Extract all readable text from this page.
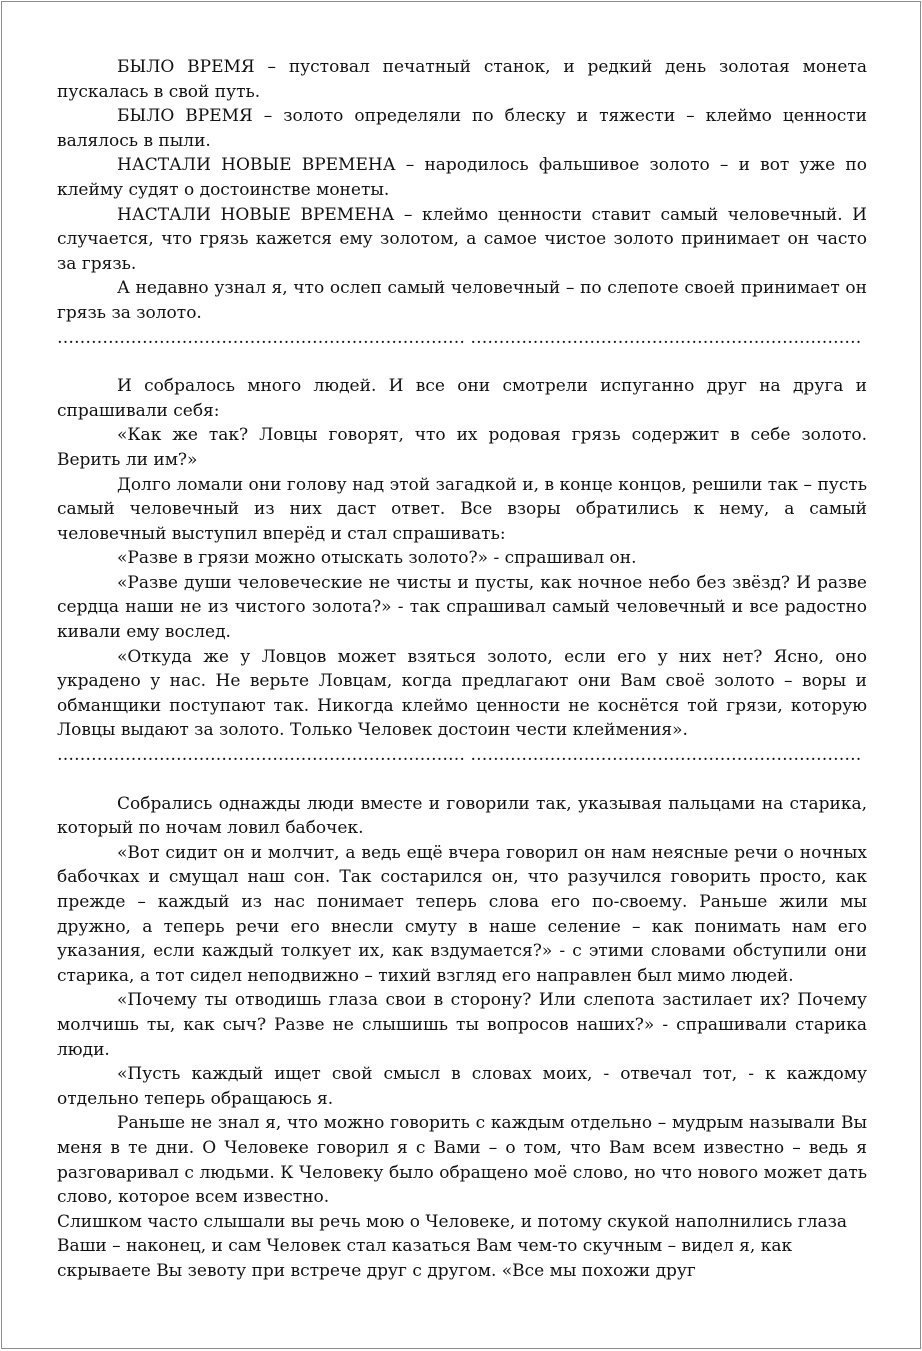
БЫЛО ВРЕМЯ – пустовал печатный станок, и редкий день золотая монета пускалась в свой путь.

БЫЛО ВРЕМЯ – золото определяли по блеску и тяжести – клеймо ценности валялось в пыли.

НАСТАЛИ НОВЫЕ ВРЕМЕНА – народилось фальшивое золото – и вот уже по клейму судят о достоинстве монеты.

НАСТАЛИ НОВЫЕ ВРЕМЕНА – клеймо ценности ставит самый человечный. И случается, что грязь кажется ему золотом, а самое чистое золото принимает он часто за грязь.

А недавно узнал я, что ослеп самый человечный – по слепоте своей принимает он грязь за золото.

……………………………………………………………… ……………………………………………………………

И собралось много людей. И все они смотрели испуганно друг на друга и спрашивали себя:

«Как же так? Ловцы говорят, что их родовая грязь содержит в себе золото. Верить ли им?»

Долго ломали они голову над этой загадкой и, в конце концов, решили так – пусть самый человечный из них даст ответ. Все взоры обратились к нему, а самый человечный выступил вперёд и стал спрашивать:

«Разве в грязи можно отыскать золото?» - спрашивал он.

«Разве души человеческие не чисты и пусты, как ночное небо без звёзд? И разве сердца наши не из чистого золота?» - так спрашивал самый человечный и все радостно кивали ему вослед.

«Откуда же у Ловцов может взяться золото, если его у них нет? Ясно, оно украдено у нас. Не верьте Ловцам, когда предлагают они Вам своё золото – воры и обманщики поступают так. Никогда клеймо ценности не коснётся той грязи, которую Ловцы выдают за золото. Только Человек достоин чести клеймения».

……………………………………………………………… ……………………………………………………………

Собрались однажды люди вместе и говорили так, указывая пальцами на старика, который по ночам ловил бабочек.

«Вот сидит он и молчит, а ведь ещё вчера говорил он нам неясные речи о ночных бабочках и смущал наш сон. Так состарился он, что разучился говорить просто, как прежде – каждый из нас понимает теперь слова его по-своему. Раньше жили мы дружно, а теперь речи его внесли смуту в наше селение – как понимать нам его указания, если каждый толкует их, как вздумается?» - с этими словами обступили они старика, а тот сидел неподвижно – тихий взгляд его направлен был мимо людей.

«Почему ты отводишь глаза свои в сторону? Или слепота застилает их? Почему молчишь ты, как сыч? Разве не слышишь ты вопросов наших?» - спрашивали старика люди.

«Пусть каждый ищет свой смысл в словах моих, - отвечал тот, - к каждому отдельно теперь обращаюсь я.

Раньше не знал я, что можно говорить с каждым отдельно – мудрым называли Вы меня в те дни. О Человеке говорил я с Вами – о том, что Вам всем известно – ведь я разговаривал с людьми. К Человеку было обращено моё слово, но что нового может дать слово, которое всем известно.

Слишком часто слышали вы речь мою о Человеке, и потому скукой наполнились глаза Ваши – наконец, и сам Человек стал казаться Вам чем-то скучным – видел я, как скрываете Вы зевоту при встрече друг с другом. «Все мы похожи друг
